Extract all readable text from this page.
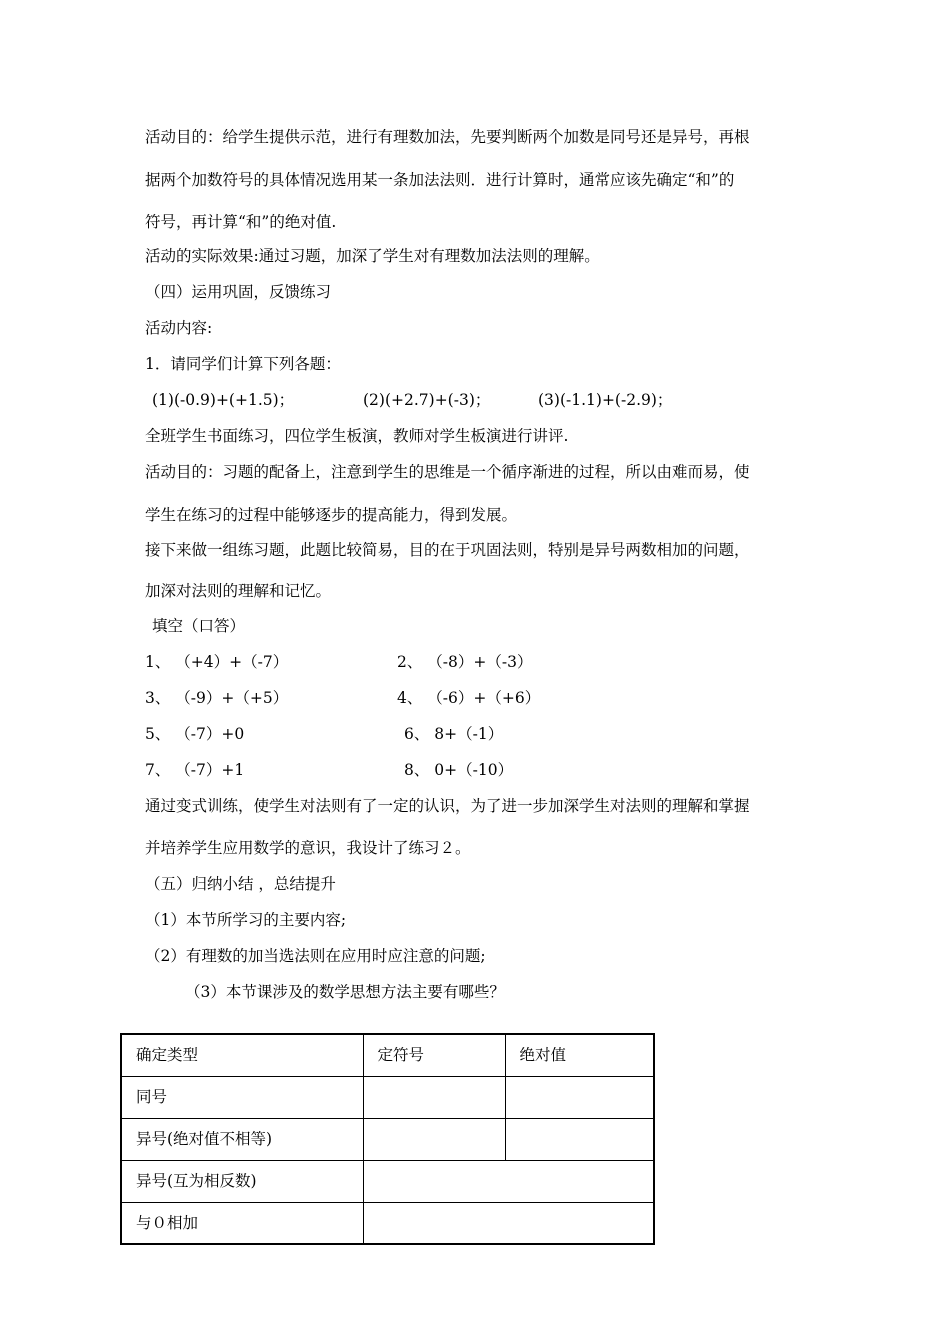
活动目的：给学生提供示范，进行有理数加法，先要判断两个加数是同号还是异号，再根
据两个加数符号的具体情况选用某一条加法法则．进行计算时，通常应该先确定“和”的
符号，再计算“和”的绝对值.
活动的实际效果:通过习题，加深了学生对有理数加法法则的理解。
（四）运用巩固，反馈练习
活动内容:
1．请同学们计算下列各题：
(1)(-0.9)+(+1.5)；	(2)(+2.7)+(-3)；	(3)(-1.1)+(-2.9)；
全班学生书面练习，四位学生板演，教师对学生板演进行讲评.
活动目的：习题的配备上，注意到学生的思维是一个循序渐进的过程，所以由难而易，使
学生在练习的过程中能够逐步的提高能力，得到发展。
接下来做一组练习题，此题比较简易，目的在于巩固法则，特别是异号两数相加的问题，
加深对法则的理解和记忆。
填空（口答）
1、 （+4）+（-7）	2、 （-8）+（-3）
3、 （-9）+（+5）	4、 （-6）+（+6）
5、 （-7）+0	6、 8+（-1）
7、 （-7）+1	8、 0+（-10）
通过变式训练，使学生对法则有了一定的认识，为了进一步加深学生对法则的理解和掌握
并培养学生应用数学的意识，我设计了练习２。
（五）归纳小结 ，总结提升
（1）本节所学习的主要内容;
（2）有理数的加当选法则在应用时应注意的问题;
（3）本节课涉及的数学思想方法主要有哪些？
确定类型	定符号	绝对值
同号		
异号(绝对值不相等)		
异号(互为相反数)		
与０相加		
